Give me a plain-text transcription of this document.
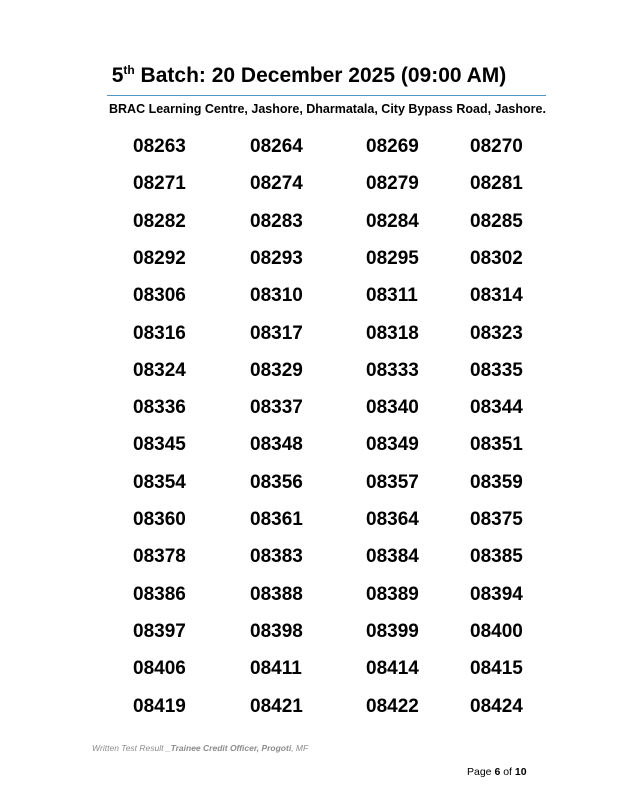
5th Batch: 20 December 2025 (09:00 AM)
BRAC Learning Centre, Jashore, Dharmatala, City Bypass Road, Jashore.
08263	08264	08269	08270
08271	08274	08279	08281
08282	08283	08284	08285
08292	08293	08295	08302
08306	08310	08311	08314
08316	08317	08318	08323
08324	08329	08333	08335
08336	08337	08340	08344
08345	08348	08349	08351
08354	08356	08357	08359
08360	08361	08364	08375
08378	08383	08384	08385
08386	08388	08389	08394
08397	08398	08399	08400
08406	08411	08414	08415
08419	08421	08422	08424
Written Test Result _Trainee Credit Officer, Progoti, MF
Page 6 of 10
